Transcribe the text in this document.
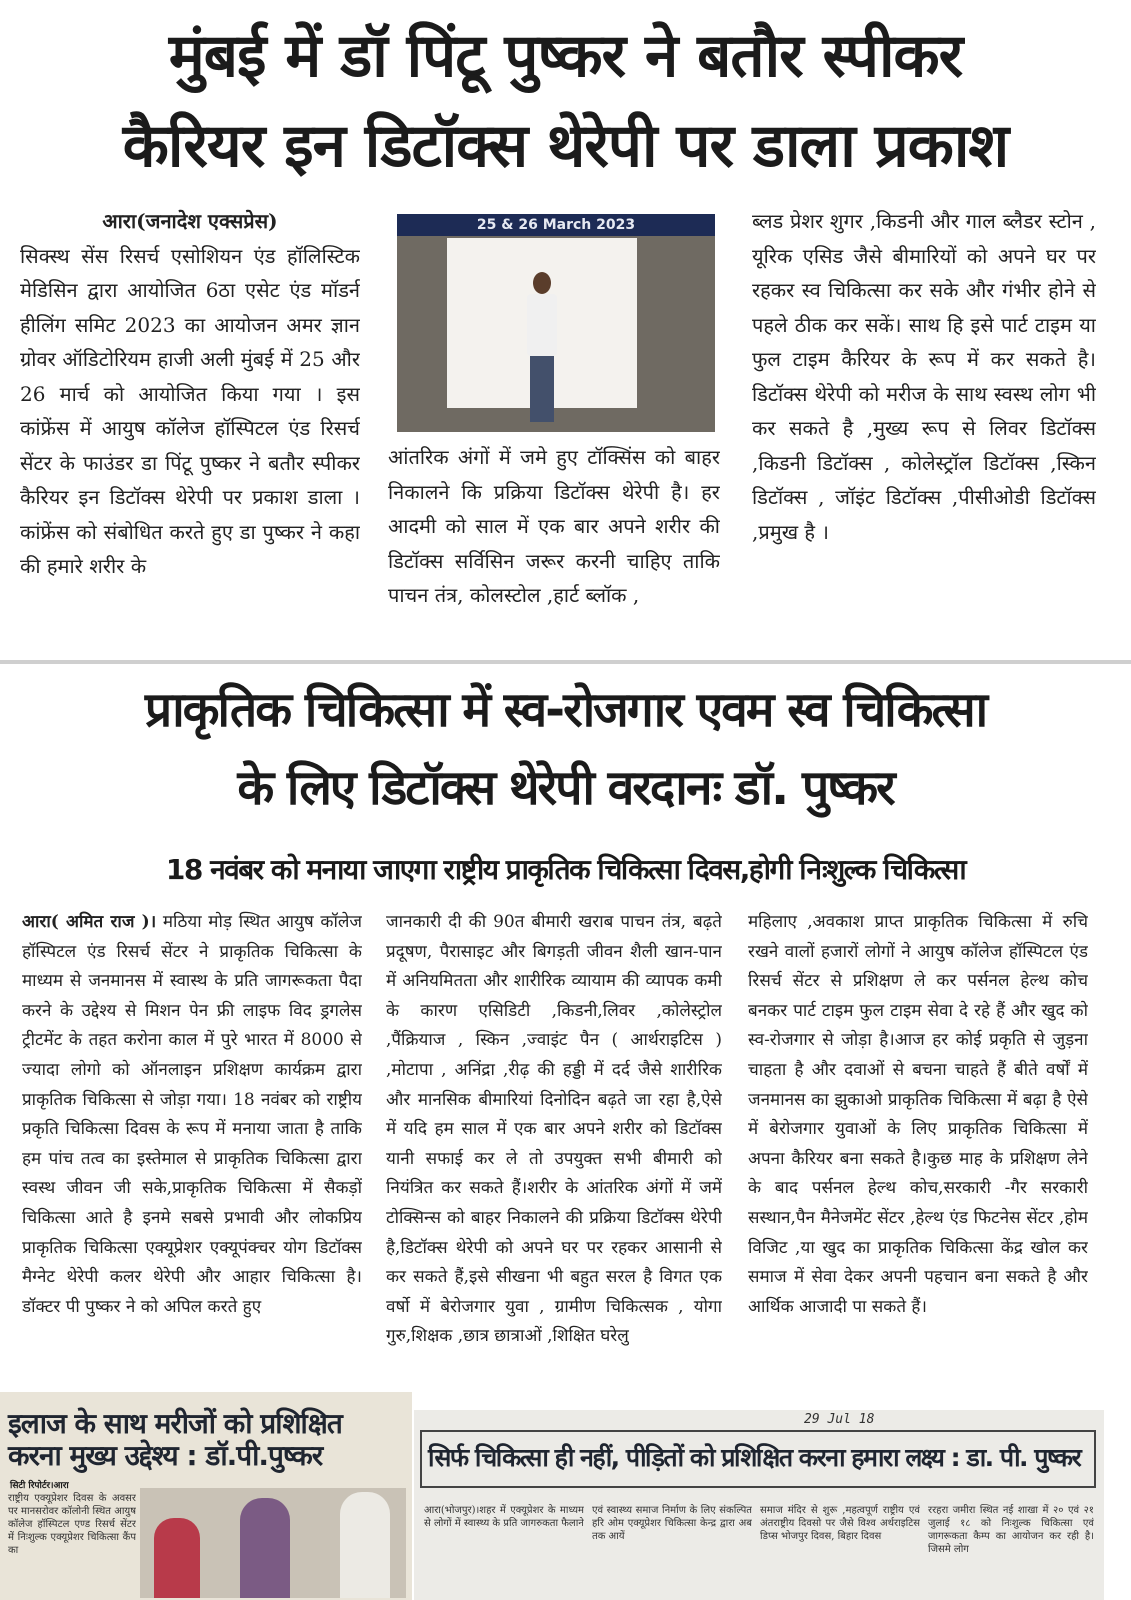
मुंबई में डॉ पिंटू पुष्कर ने बतौर स्पीकर
कैरियर इन डिटॉक्स थेरेपी पर डाला प्रकाश
आरा(जनादेश एक्सप्रेस)
सिक्स्थ सेंस रिसर्च एसोशियन एंड हॉलिस्टिक मेडिसिन द्वारा आयोजित 6ठा एसेट एंड मॉडर्न हीलिंग समिट 2023 का आयोजन अमर ज्ञान ग्रोवर ऑडिटोरियम हाजी अली मुंबई में 25 और 26 मार्च को आयोजित किया गया । इस कांफ्रेंस में आयुष कॉलेज हॉस्पिटल एंड रिसर्च सेंटर के फाउंडर डा पिंटू पुष्कर ने बतौर स्पीकर कैरियर इन डिटॉक्स थेरेपी पर प्रकाश डाला । कांफ्रेंस को संबोधित करते हुए डा पुष्कर ने कहा की हमारे शरीर के
25 & 26 March 2023
आंतरिक अंगों में जमे हुए टॉक्सिंस को बाहर निकालने कि प्रक्रिया डिटॉक्स थेरेपी है। हर आदमी को साल में एक बार अपने शरीर की डिटॉक्स सर्विसिन जरूर करनी चाहिए ताकि पाचन तंत्र, कोलस्टोल ,हार्ट ब्लॉक ,
ब्लड प्रेशर शुगर ,किडनी और गाल ब्लैडर स्टोन , यूरिक एसिड जैसे बीमारियों को अपने घर पर रहकर स्व चिकित्सा कर सके और गंभीर होने से पहले ठीक कर सकें। साथ हि इसे पार्ट टाइम या फुल टाइम कैरियर के रूप में कर सकते है। डिटॉक्स थेरेपी को मरीज के साथ स्वस्थ लोग भी कर सकते है ,मुख्य रूप से लिवर डिटॉक्स ,किडनी डिटॉक्स , कोलेस्ट्रॉल डिटॉक्स ,स्किन डिटॉक्स , जॉइंट डिटॉक्स ,पीसीओडी डिटॉक्स ,प्रमुख है ।
प्राकृतिक चिकित्सा में स्व-रोजगार एवम स्व चिकित्सा
के लिए डिटॉक्स थेरेपी वरदानः डॉ. पुष्कर
18 नवंबर को मनाया जाएगा राष्ट्रीय प्राकृतिक चिकित्सा दिवस,होगी निःशुल्क चिकित्सा
आरा( अमित राज )। मठिया मोड़ स्थित आयुष कॉलेज हॉस्पिटल एंड रिसर्च सेंटर ने प्राकृतिक चिकित्सा के माध्यम से जनमानस में स्वास्थ के प्रति जागरूकता पैदा करने के उद्देश्य से मिशन पेन फ्री लाइफ विद ड्रगलेस ट्रीटमेंट के तहत करोना काल में पुरे भारत में 8000 से ज्यादा लोगो को ऑनलाइन प्रशिक्षण कार्यक्रम द्वारा प्राकृतिक चिकित्सा से जोड़ा गया। 18 नवंबर को राष्ट्रीय प्रकृति चिकित्सा दिवस के रूप में मनाया जाता है ताकि हम पांच तत्व का इस्तेमाल से प्राकृतिक चिकित्सा द्वारा स्वस्थ जीवन जी सके,प्राकृतिक चिकित्सा में सैकड़ों चिकित्सा आते है इनमे सबसे प्रभावी और लोकप्रिय प्राकृतिक चिकित्सा एक्यूप्रेशर एक्यूपंक्चर योग डिटॉक्स मैग्नेट थेरेपी कलर थेरेपी और आहार चिकित्सा है। डॉक्टर पी पुष्कर ने को अपिल करते हुए
जानकारी दी की 90त बीमारी खराब पाचन तंत्र, बढ़ते प्रदूषण, पैरासाइट और बिगड़ती जीवन शैली खान-पान में अनियमितता और शारीरिक व्यायाम की व्यापक कमी के कारण एसिडिटी ,किडनी,लिवर ,कोलेस्ट्रोल ,पैंक्रियाज , स्किन ,ज्वाइंट पैन ( आर्थराइटिस ) ,मोटापा , अनिंद्रा ,रीढ़ की हड्डी में दर्द जैसे शारीरिक और मानसिक बीमारियां दिनोदिन बढ़ते जा रहा है,ऐसे में यदि हम साल में एक बार अपने शरीर को डिटॉक्स यानी सफाई कर ले तो उपयुक्त सभी बीमारी को नियंत्रित कर सकते हैं।शरीर के आंतरिक अंगों में जमें टोक्सिन्स को बाहर निकालने की प्रक्रिया डिटॉक्स थेरेपी है,डिटॉक्स थेरेपी को अपने घर पर रहकर आसानी से कर सकते हैं,इसे सीखना भी बहुत सरल है विगत एक वर्षो में बेरोजगार युवा , ग्रामीण चिकित्सक , योगा गुरु,शिक्षक ,छात्र छात्राओं ,शिक्षित घरेलु
महिलाए ,अवकाश प्राप्त प्राकृतिक चिकित्सा में रुचि रखने वालों हजारों लोगों ने आयुष कॉलेज हॉस्पिटल एंड रिसर्च सेंटर से प्रशिक्षण ले कर पर्सनल हेल्थ कोच बनकर पार्ट टाइम फुल टाइम सेवा दे रहे हैं और खुद को स्व-रोजगार से जोड़ा है।आज हर कोई प्रकृति से जुड़ना चाहता है और दवाओं से बचना चाहते हैं बीते वर्षों में जनमानस का झुकाओ प्राकृतिक चिकित्सा में बढ़ा है ऐसे में बेरोजगार युवाओं के लिए प्राकृतिक चिकित्सा में अपना कैरियर बना सकते है।कुछ माह के प्रशिक्षण लेने के बाद पर्सनल हेल्थ कोच,सरकारी -गैर सरकारी सस्थान,पैन मैनेजमेंट सेंटर ,हेल्थ एंड फिटनेस सेंटर ,होम विजिट ,या खुद का प्राकृतिक चिकित्सा केंद्र खोल कर समाज में सेवा देकर अपनी पहचान बना सकते है और आर्थिक आजादी पा सकते हैं।
इलाज के साथ मरीजों को प्रशिक्षित
करना मुख्य उद्देश्य : डॉ.पी.पुष्कर
सिटी रिपोर्टर।आरा
राष्ट्रीय एक्यूप्रेशर दिवस के अवसर पर मानसरोवर कॉलोनी स्थित आयुष कॉलेज हॉस्पिटल एण्ड रिसर्च सेंटर में निःशुल्क एक्यूप्रेशर चिकित्सा कैंप का
29 Jul 18
सिर्फ चिकित्सा ही नहीं, पीड़ितों को प्रशिक्षित करना हमारा लक्ष्य : डा. पी. पुष्कर
आरा(भोजपुर)।शहर में एक्यूप्रेशर के माध्यम से लोगों में स्वास्थ्य के प्रति जागरुकता फैलाने
एवं स्वास्थ्य समाज निर्माण के लिए संकल्पित हरि ओम एक्यूप्रेशर चिकित्सा केन्द्र द्वारा अब तक आयें
समाज मंदिर से शुरू ,महत्वपूर्ण राष्ट्रीय एवं अंतराष्ट्रीय दिवसो पर जैसे विश्व अर्थराइटिस डिप्स भोजपुर दिवस, बिहार दिवस
ररहरा जमीरा स्थित नई शाखा में २० एवं २१ जुलाई १८ को निःशुल्क चिकित्सा एवं जागरूकता कैम्प का आयोजन कर रही है। जिसमे लोग
